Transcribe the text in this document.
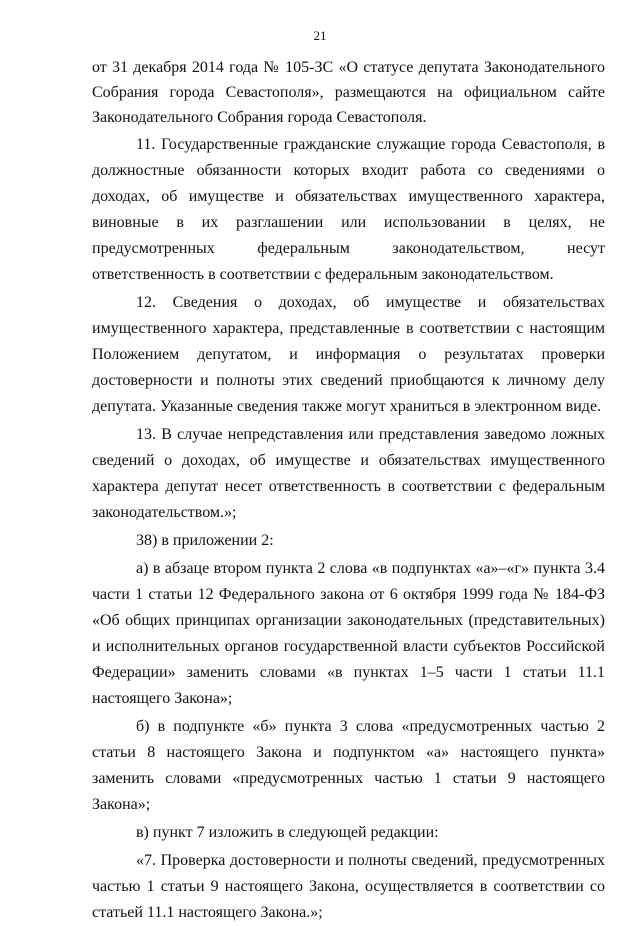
21

от 31 декабря 2014 года № 105-ЗС «О статусе депутата Законодательного Собрания города Севастополя», размещаются на официальном сайте Законодательного Собрания города Севастополя.

11. Государственные гражданские служащие города Севастополя, в должностные обязанности которых входит работа со сведениями о доходах, об имуществе и обязательствах имущественного характера, виновные в их разглашении или использовании в целях, не предусмотренных федеральным законодательством, несут ответственность в соответствии с федеральным законодательством.

12. Сведения о доходах, об имуществе и обязательствах имущественного характера, представленные в соответствии с настоящим Положением депутатом, и информация о результатах проверки достоверности и полноты этих сведений приобщаются к личному делу депутата. Указанные сведения также могут храниться в электронном виде.

13. В случае непредставления или представления заведомо ложных сведений о доходах, об имуществе и обязательствах имущественного характера депутат несет ответственность в соответствии с федеральным законодательством.»;

38) в приложении 2:

а) в абзаце втором пункта 2 слова «в подпунктах «а»–«г» пункта 3.4 части 1 статьи 12 Федерального закона от 6 октября 1999 года № 184-ФЗ «Об общих принципах организации законодательных (представительных) и исполнительных органов государственной власти субъектов Российской Федерации» заменить словами «в пунктах 1–5 части 1 статьи 11.1 настоящего Закона»;

б) в подпункте «б» пункта 3 слова «предусмотренных частью 2 статьи 8 настоящего Закона и подпунктом «а» настоящего пункта» заменить словами «предусмотренных частью 1 статьи 9 настоящего Закона»;

в) пункт 7 изложить в следующей редакции:

«7. Проверка достоверности и полноты сведений, предусмотренных частью 1 статьи 9 настоящего Закона, осуществляется в соответствии со статьей 11.1 настоящего Закона.»;
